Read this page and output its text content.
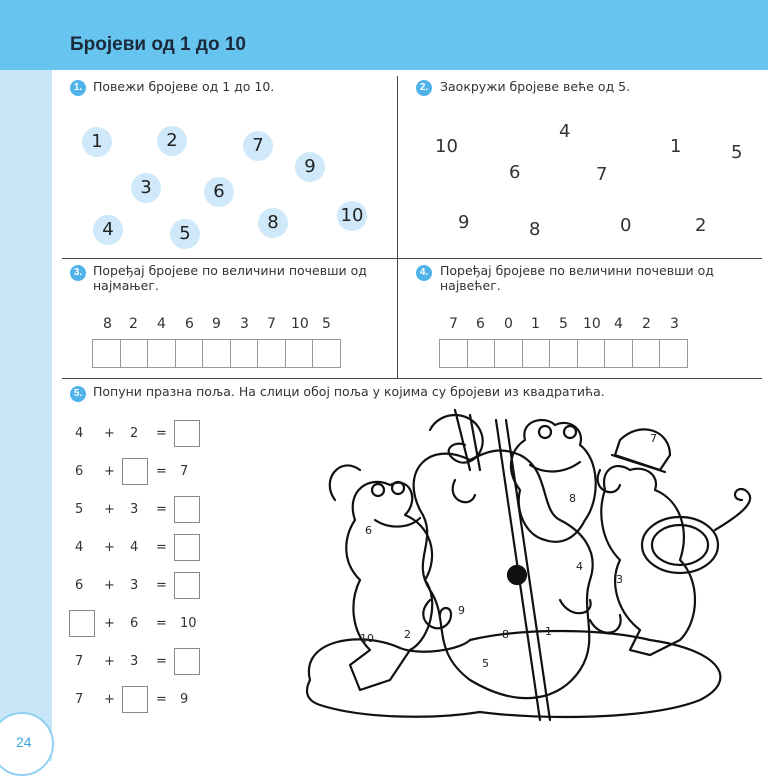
Бројеви од 1 до 10
24
1. Повежи бројеве од 1 до 10.
1	2	7
9
3	6
10
4	5
8
2. Заокружи бројеве веће од 5.
10
4
1	5
6	7
9	8	0	2
3. Поређај бројеве по величини почевши од
најмањег.
8 2 4 6 9 3 7 10 5
4. Поређај бројеве по величини почевши од
највећег.
7 6 0 1 5 10 4 2 3
5. Попуни празна поља. На слици обој поља у којима су бројеви из квадратића.
4 + 2 =
6 +	= 7
5 + 3 =
4 + 4 =
6 + 3 =
+ 6 = 10
7 + 3 =
7 +	= 9
7
8
6
4
3
9
10	2	8	1
5
